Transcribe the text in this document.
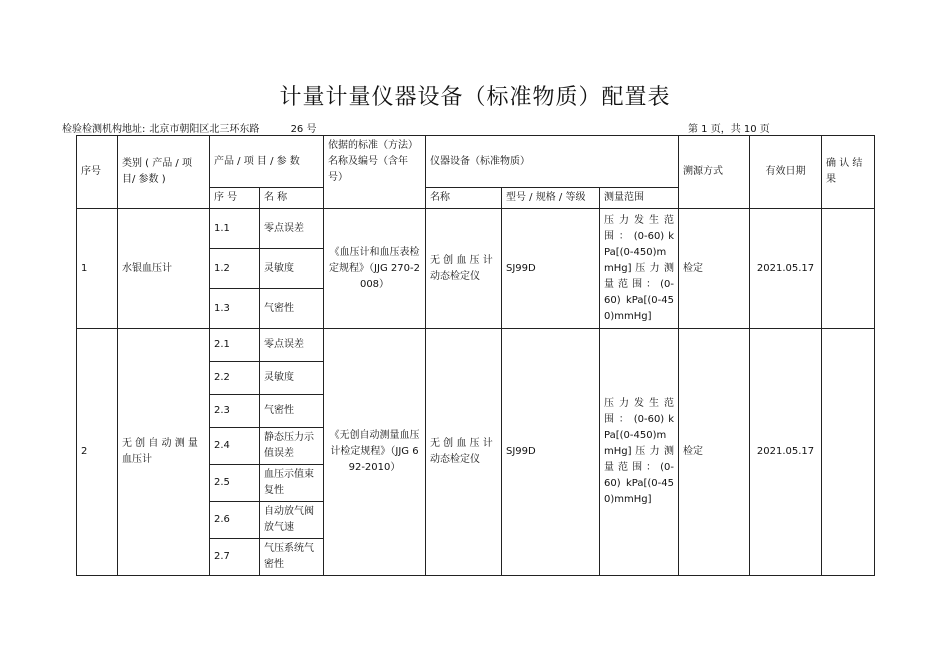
计量计量仪器设备（标准物质）配置表
检验检测机构地址: 北京市朝阳区北三环东路	26 号	第 1 页，共 10 页
序号	类别 ( 产品 / 项目/ 参数 )	产品 / 项 目 / 参 数		依据的标准（方法）名称及编号（含年号）	仪器设备（标准物质）			溯源方式	有效日期	确 认 结 果
		序 号	名 称		名称	型号 / 规格 / 等级	测量范围			
1	水银血压计	1.1	零点误差	《血压计和血压表检定规程》（JJG 270-2008）	无 创 血 压 计 动态检定仪	SJ99D	压 力 发 生 范 围 ： (0-60) kPa[(0-450)mmHg] 压 力 测 量 范 围 ： (0-60) kPa[(0-450)mmHg]	检定	2021.05.17	
		1.2	灵敏度							
		1.3	气密性							
2	无 创 自 动 测 量 血压计	2.1	零点误差	《无创自动测量血压计检定规程》（JJG 692-2010）	无 创 血 压 计 动态检定仪	SJ99D	压 力 发 生 范 围 ： (0-60) kPa[(0-450)mmHg] 压 力 测 量 范 围 ： (0-60) kPa[(0-450)mmHg]	检定	2021.05.17	
		2.2	灵敏度							
		2.3	气密性							
		2.4	静态压力示值误差							
		2.5	血压示值束复性							
		2.6	自动放气阀放气速							
		2.7	气压系统气密性							
